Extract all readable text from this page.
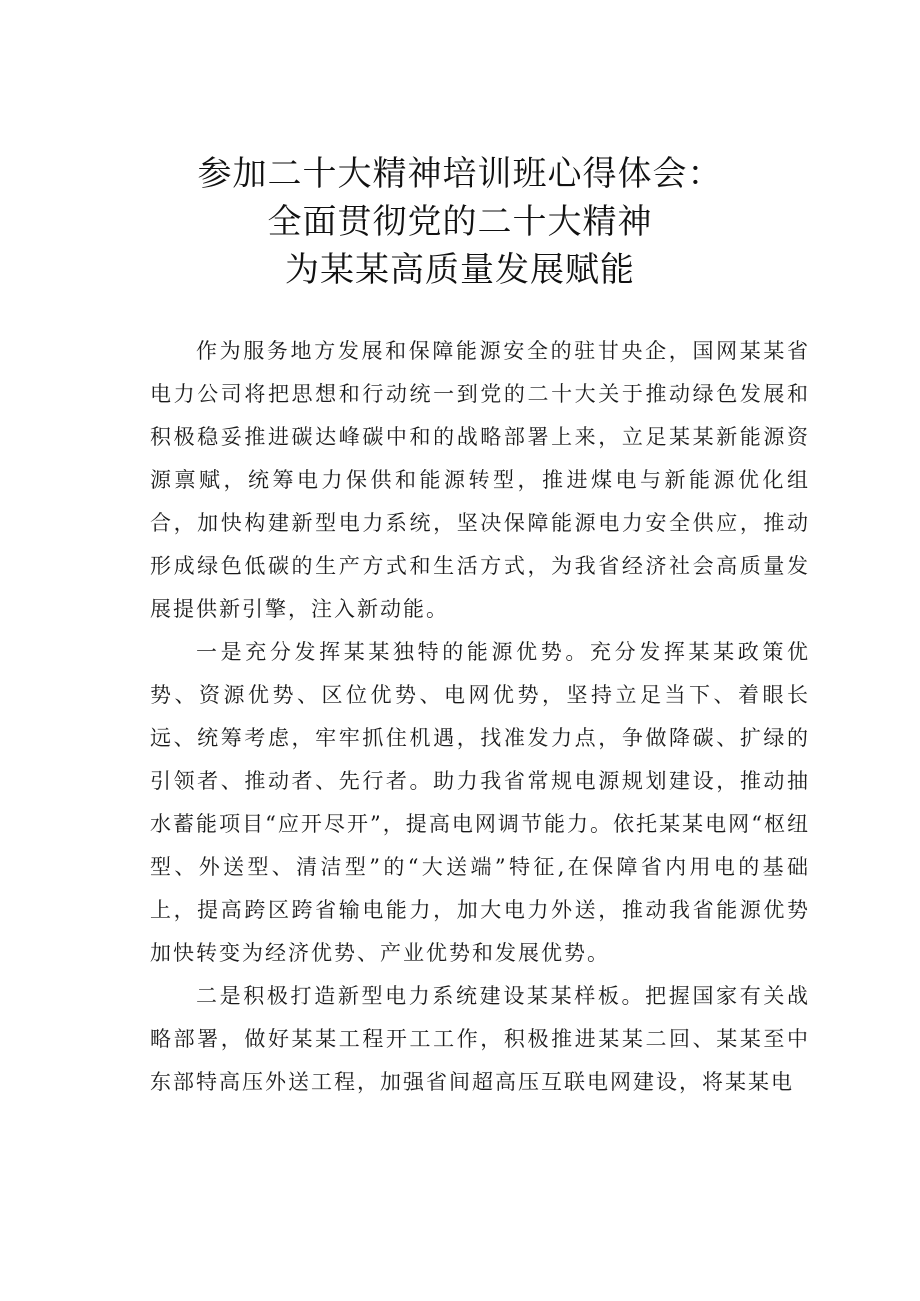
参加二十大精神培训班心得体会：
全面贯彻党的二十大精神
为某某高质量发展赋能

作为服务地方发展和保障能源安全的驻甘央企，国网某某省电力公司将把思想和行动统一到党的二十大关于推动绿色发展和积极稳妥推进碳达峰碳中和的战略部署上来，立足某某新能源资源禀赋，统筹电力保供和能源转型，推进煤电与新能源优化组合，加快构建新型电力系统，坚决保障能源电力安全供应，推动形成绿色低碳的生产方式和生活方式，为我省经济社会高质量发展提供新引擎，注入新动能。

一是充分发挥某某独特的能源优势。充分发挥某某政策优势、资源优势、区位优势、电网优势，坚持立足当下、着眼长远、统筹考虑，牢牢抓住机遇，找准发力点，争做降碳、扩绿的引领者、推动者、先行者。助力我省常规电源规划建设，推动抽水蓄能项目“应开尽开”，提高电网调节能力。依托某某电网“枢纽型、外送型、清洁型”的“大送端”特征,在保障省内用电的基础上，提高跨区跨省输电能力，加大电力外送，推动我省能源优势加快转变为经济优势、产业优势和发展优势。

二是积极打造新型电力系统建设某某样板。把握国家有关战略部署，做好某某工程开工工作，积极推进某某二回、某某至中东部特高压外送工程，加强省间超高压互联电网建设，将某某电
